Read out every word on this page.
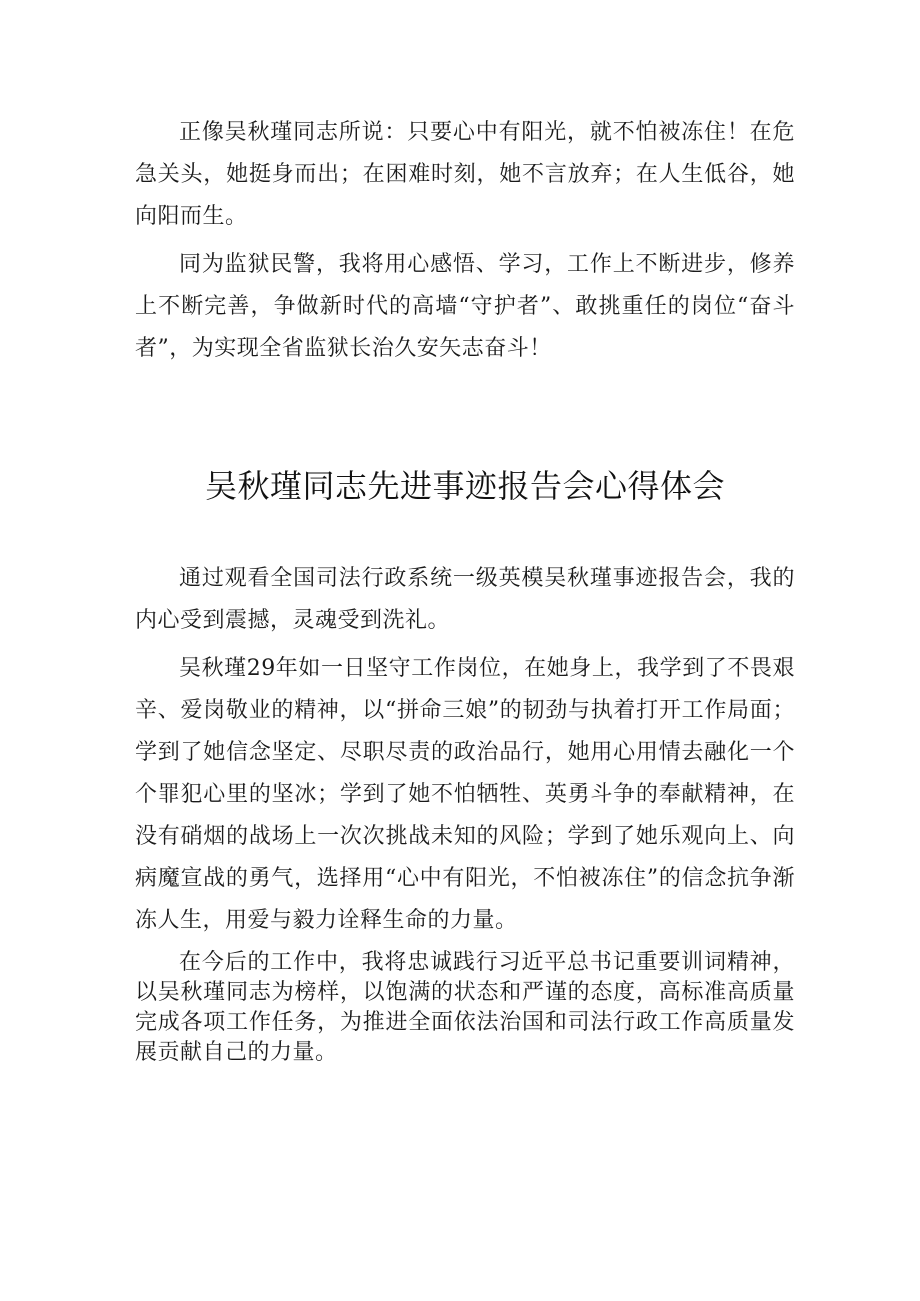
正像吴秋瑾同志所说：只要心中有阳光，就不怕被冻住！在危急关头，她挺身而出；在困难时刻，她不言放弃；在人生低谷，她向阳而生。

同为监狱民警，我将用心感悟、学习，工作上不断进步，修养上不断完善，争做新时代的高墙“守护者”、敢挑重任的岗位“奋斗者”，为实现全省监狱长治久安矢志奋斗！

吴秋瑾同志先进事迹报告会心得体会

通过观看全国司法行政系统一级英模吴秋瑾事迹报告会，我的内心受到震撼，灵魂受到洗礼。

吴秋瑾29年如一日坚守工作岗位，在她身上，我学到了不畏艰辛、爱岗敬业的精神，以“拼命三娘”的韧劲与执着打开工作局面；学到了她信念坚定、尽职尽责的政治品行，她用心用情去融化一个个罪犯心里的坚冰；学到了她不怕牺牲、英勇斗争的奉献精神，在没有硝烟的战场上一次次挑战未知的风险；学到了她乐观向上、向病魔宣战的勇气，选择用“心中有阳光，不怕被冻住”的信念抗争渐冻人生，用爱与毅力诠释生命的力量。

在今后的工作中，我将忠诚践行习近平总书记重要训词精神，以吴秋瑾同志为榜样，以饱满的状态和严谨的态度，高标准高质量完成各项工作任务，为推进全面依法治国和司法行政工作高质量发展贡献自己的力量。
